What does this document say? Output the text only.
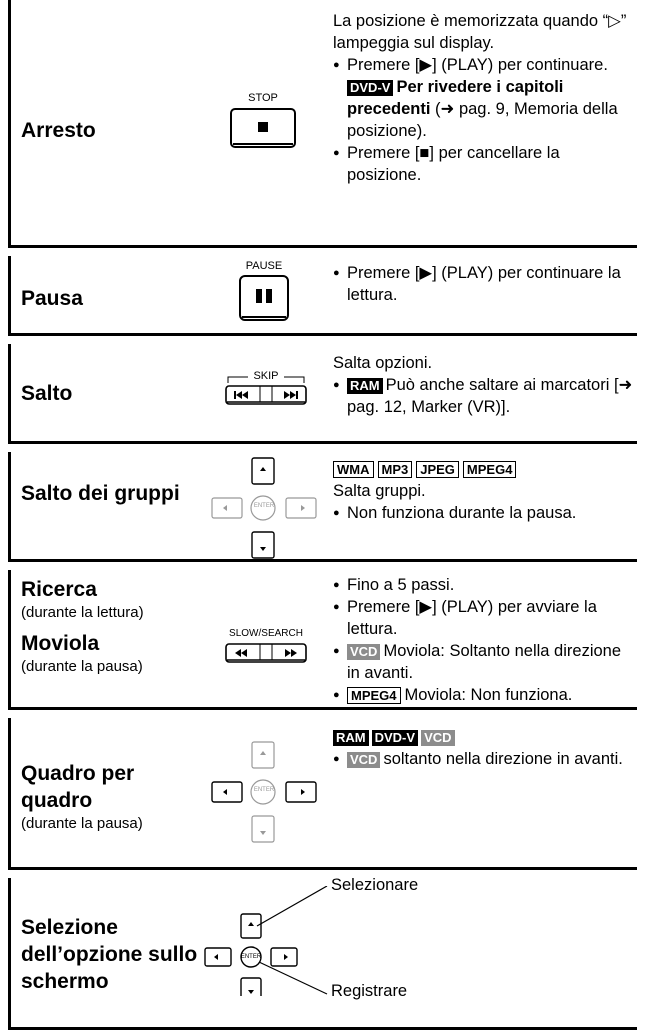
Arresto
STOP

La posizione è memorizzata quando “▷” lampeggia sul display.

● Premere [▶] (PLAY) per continuare. DVD-V Per rivedere i capitoli precedenti (➜ pag. 9, Memoria della posizione).

● Premere [■] per cancellare la posizione.

Pausa
PAUSE

●	Premere [▶] (PLAY) per continuare la lettura.

Salto
SKIP

Salta opzioni.

● RAM Può anche saltare ai marcatori [➜ pag. 12, Marker (VR)].

Salto dei gruppi
ENTER

WMA MP3 JPEG MPEG4

Salta gruppi.

● Non funziona durante la pausa.

Ricerca
(durante la lettura)
Moviola
(durante la pausa)
SLOW/SEARCH

● Fino a 5 passi.

● Premere [▶] (PLAY) per avviare la lettura.

● VCD Moviola: Soltanto nella direzione in avanti.

● MPEG4 Moviola: Non funziona.

Quadro per quadro
(durante la pausa)
ENTER

RAM DVD-V VCD

● VCD soltanto nella direzione in avanti.

Selezione dell’opzione sullo schermo
ENTER
Selezionare
Registrare
